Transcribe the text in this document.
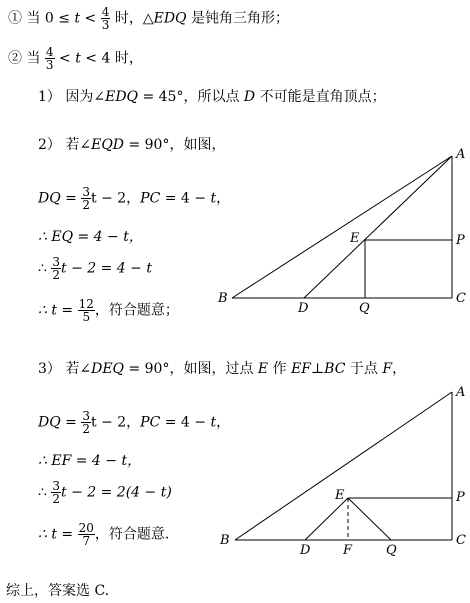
① 当 $0 \le t < \frac{4}{3}$ 时，△EDQ 是钝角三角形；
② 当 $\frac{4}{3} < t < 4$ 时，
1） 因为∠EDQ = 45°，所以点 D 不可能是直角顶点；
2） 若∠EQD = 90°，如图，
DQ = $\frac{3}{2}$ t − 2，PC = 4 − t，
∴ EQ = 4 − t，
∴ $\frac{3}{2}$ t − 2 = 4 − t
∴ $t = \frac{12}{5}$ ，符合题意；
A
B	C
D
E	P
Q
3） 若∠DEQ = 90°，如图，过点 E 作 EF⊥BC 于点 F，
DQ = $\frac{3}{2}$ t − 2，PC = 4 − t，
∴ EF = 4 − t，
∴ $\frac{3}{2}$ t − 2 = 2(4 − t)
∴ $t = \frac{20}{7}$ ，符合题意.
A
B	C
D
E
F
P
Q
综上，答案选 C.
